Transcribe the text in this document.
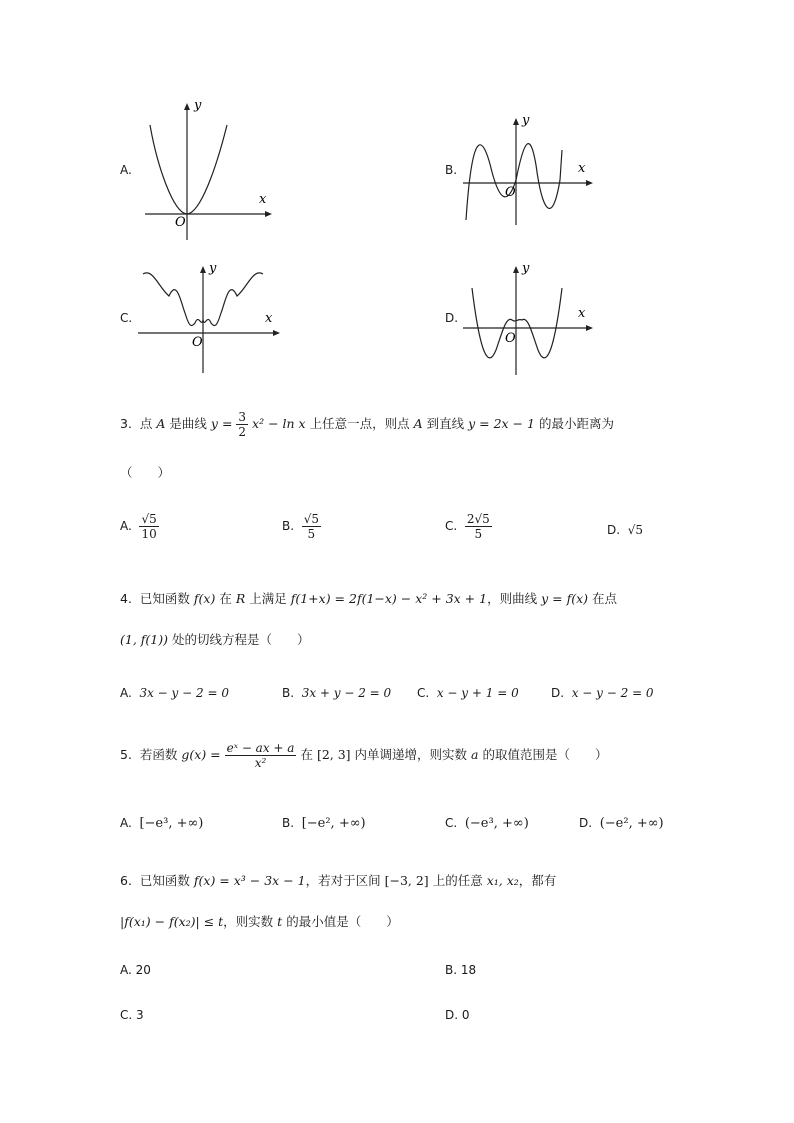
A.
x
y
O
B.	x
y
O
C.	x
y
O
D.	x
y
O
3. 点 A 是曲线 $y = \frac{3}{2} x^2 - \ln x$ 上任意一点，则点 A 到直线 y = 2x − 1 的最小距离为
（　　）
A. $\frac{√5}{10}$	B. $\frac{√5}{5}$	C. $\frac{2√5}{5}$	D. √5
4. 已知函数 f(x) 在 R 上满足 f(1+x) = 2f(1−x) − x² + 3x + 1，则曲线 y = f(x) 在点
(1, f(1)) 处的切线方程是（　　）
A. 3x − y − 2 = 0	B. 3x + y − 2 = 0 C. x − y + 1 = 0	D. x − y − 2 = 0
5. 若函数 $g(x) = \frac{\text{eˣ − ax + a}}{\text{x²}}$ 在 [2, 3] 内单调递增，则实数 a 的取值范围是（　　）
A. [−e³, +∞)	B. [−e², +∞)	C. (−e³, +∞)	D. (−e², +∞)
6. 已知函数 f(x) = x³ − 3x − 1，若对于区间 [−3, 2] 上的任意 x₁, x₂，都有
|f(x₁) − f(x₂)| ≤ t，则实数 t 的最小值是（　　）
A. 20	B. 18
C. 3	D. 0
